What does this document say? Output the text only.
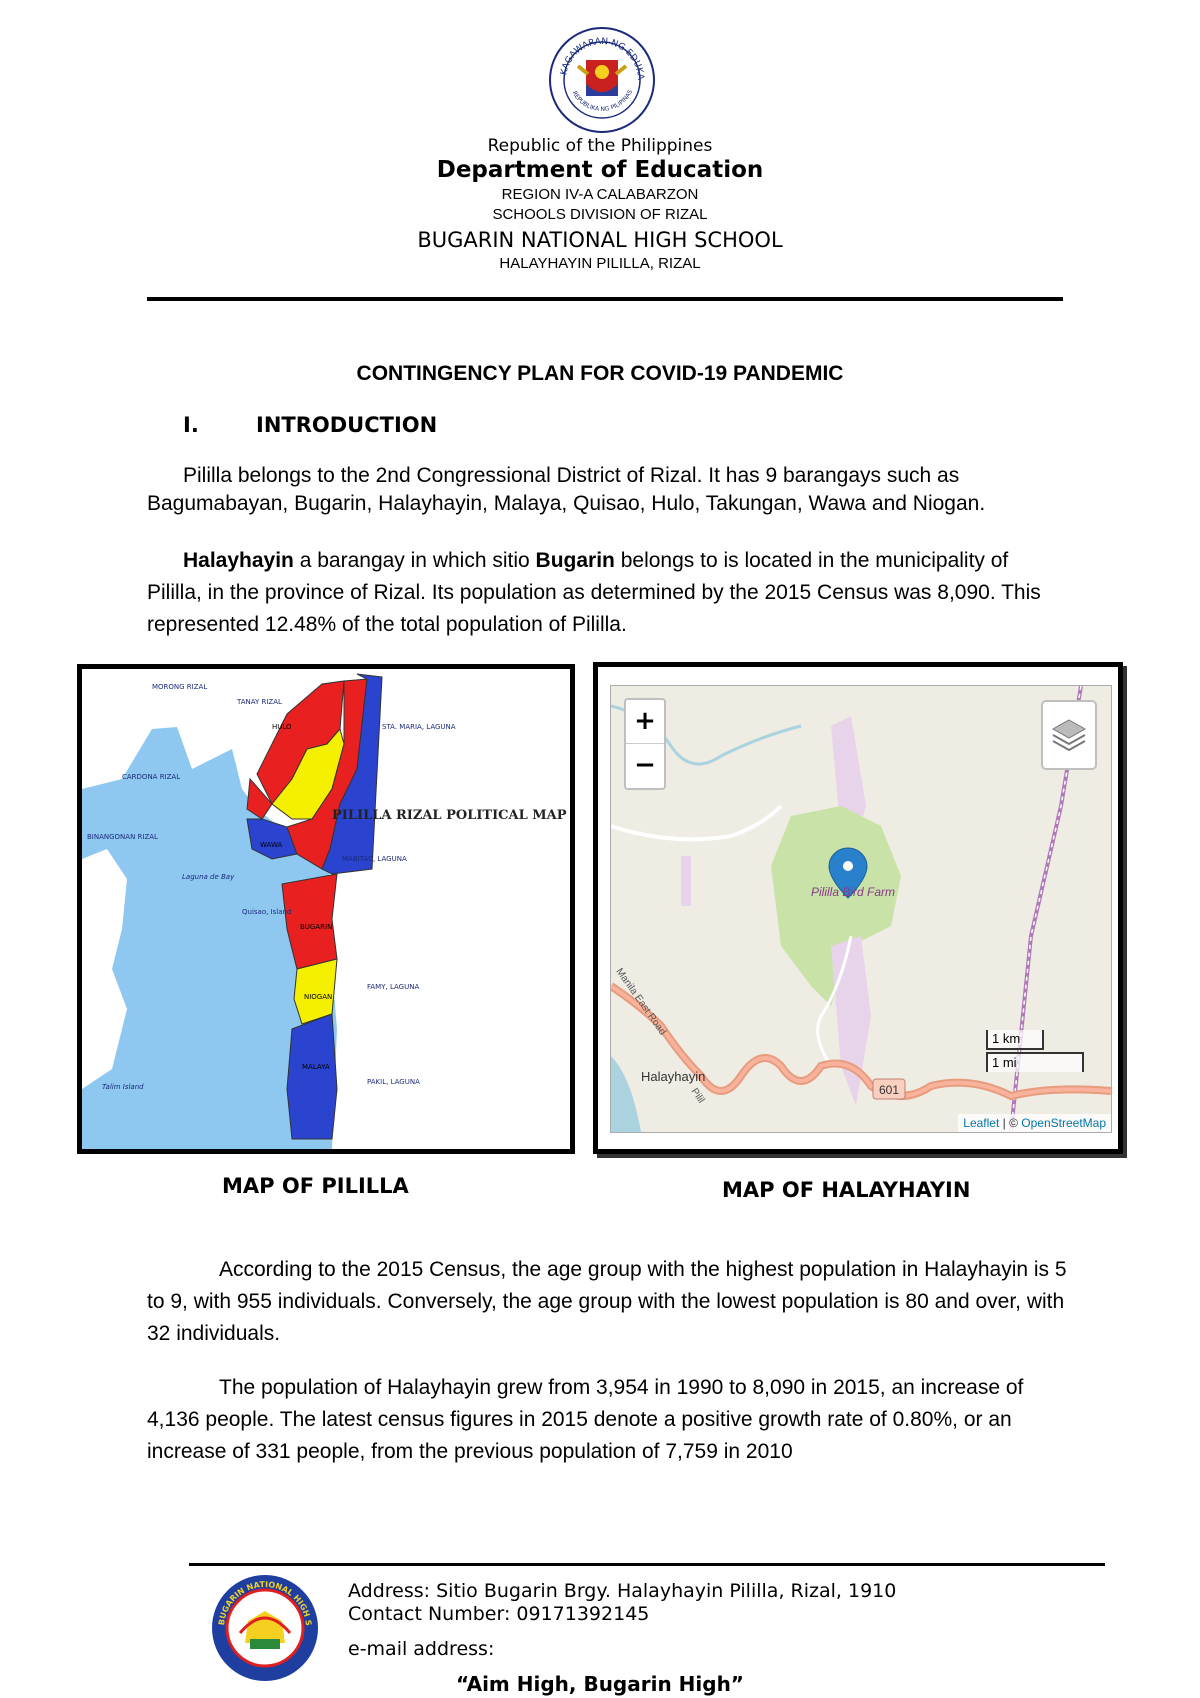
KAGAWARAN NG EDUKA
REPUBLIKA NG PILIPINAS
Republic of the Philippines
Department of Education
REGION IV-A CALABARZON
SCHOOLS DIVISION OF RIZAL
BUGARIN NATIONAL HIGH SCHOOL
HALAYHAYIN PILILLA, RIZAL
CONTINGENCY PLAN FOR COVID-19 PANDEMIC
I.	INTRODUCTION
Pililla belongs to the 2nd Congressional District of Rizal. It has 9 barangays such as Bagumabayan, Bugarin, Halayhayin, Malaya, Quisao, Hulo, Takungan, Wawa and Niogan.
Halayhayin a barangay in which sitio Bugarin belongs to is located in the municipality of Pililla, in the province of Rizal. Its population as determined by the 2015 Census was 8,090. This represented 12.48% of the total population of Pililla.
MORONG RIZAL
TANAY RIZAL
STA. MARIA, LAGUNA
CARDONA RIZAL
BINANGONAN RIZAL
Laguna de Bay
Talim Island
Quisao, Island
MABITAC, LAGUNA
FAMY, LAGUNA
PAKIL, LAGUNA
BUGARIN
NIOGAN
MALAYA
HULO
WAWA
PILILLA RIZAL POLITICAL MAP
Pililla Bird Farm
Halayhayin
Manila East Road
Pilil	601
+
−
1 km
1 mi
Leaflet | © OpenStreetMap
MAP OF PILILLA	MAP OF HALAYHAYIN
According to the 2015 Census, the age group with the highest population in Halayhayin is 5 to 9, with 955 individuals. Conversely, the age group with the lowest population is 80 and over, with 32 individuals.
The population of Halayhayin grew from 3,954 in 1990 to 8,090 in 2015, an increase of 4,136 people. The latest census figures in 2015 denote a positive growth rate of 0.80%, or an increase of 331 people, from the previous population of 7,759 in 2010
BUGARIN NATIONAL HIGH S
Address: Sitio Bugarin Brgy. Halayhayin Pililla, Rizal, 1910
Contact Number: 09171392145
e-mail address:
“Aim High, Bugarin High”
